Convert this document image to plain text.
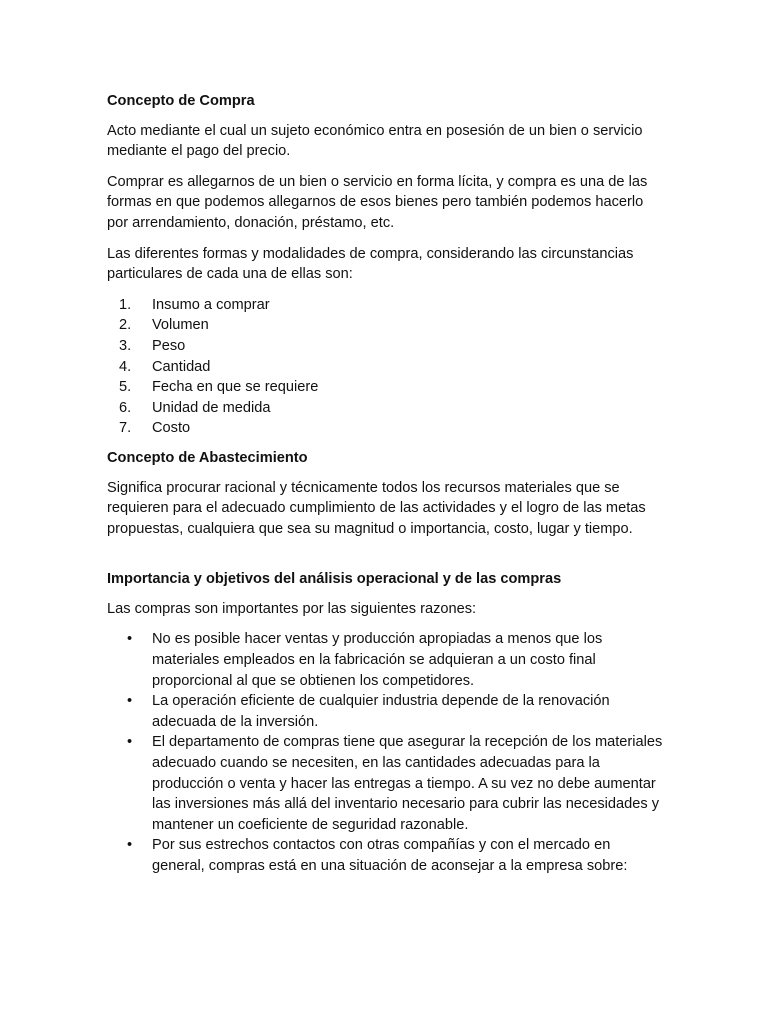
Concepto de Compra

Acto mediante el cual un sujeto económico entra en posesión de un bien o servicio mediante el pago del precio.

Comprar es allegarnos de un bien o servicio en forma lícita, y compra es una de las formas en que podemos allegarnos de esos bienes pero también podemos hacerlo por arrendamiento, donación, préstamo, etc.

Las diferentes formas y modalidades de compra, considerando las circunstancias particulares de cada una de ellas son:

1.	Insumo a comprar
2.	Volumen
3.	Peso
4.	Cantidad
5.	Fecha en que se requiere
6.	Unidad de medida
7.	Costo
Concepto de Abastecimiento

Significa procurar racional y técnicamente todos los recursos materiales que se requieren para el adecuado cumplimiento de las actividades y el logro de las metas propuestas, cualquiera que sea su magnitud o importancia, costo, lugar y tiempo.

Importancia y objetivos del análisis operacional y de las compras

Las compras son importantes por las siguientes razones:

• No es posible hacer ventas y producción apropiadas a menos que los materiales empleados en la fabricación se adquieran a un costo final proporcional al que se obtienen los competidores.
• La operación eficiente de cualquier industria depende de la renovación adecuada de la inversión.
• El departamento de compras tiene que asegurar la recepción de los materiales adecuado cuando se necesiten, en las cantidades adecuadas para la producción o venta y hacer las entregas a tiempo. A su vez no debe aumentar las inversiones más allá del inventario necesario para cubrir las necesidades y mantener un coeficiente de seguridad razonable.
• Por sus estrechos contactos con otras compañías y con el mercado en general, compras está en una situación de aconsejar a la empresa sobre:
